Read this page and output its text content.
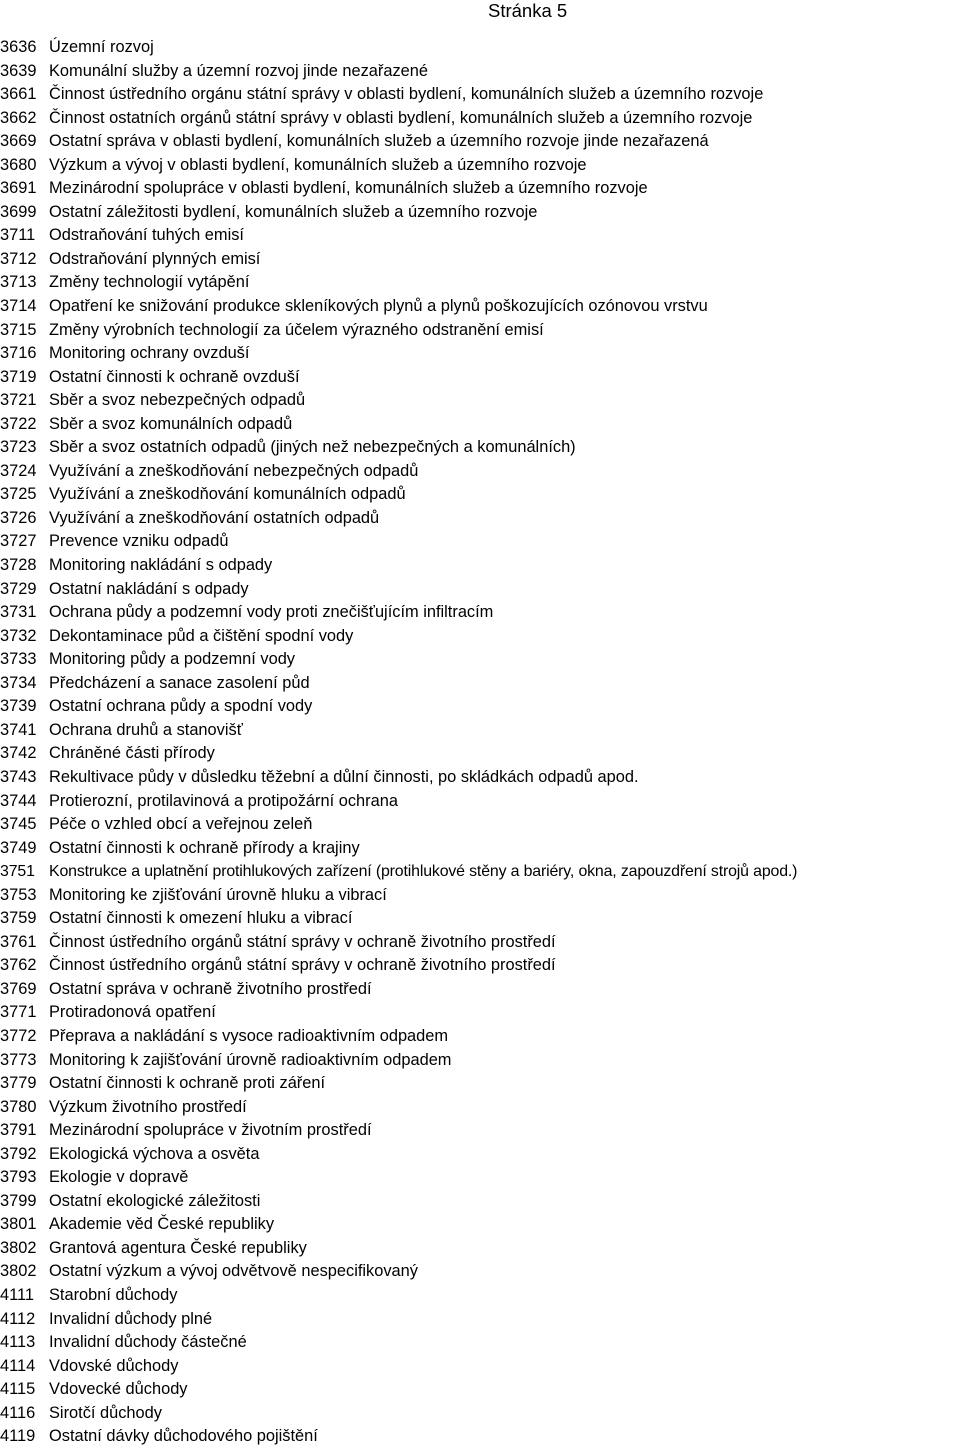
Stránka 5
3636 Územní rozvoj
3639 Komunální služby a územní rozvoj jinde nezařazené
3661 Činnost ústředního orgánu státní správy v oblasti bydlení, komunálních služeb a územního rozvoje
3662 Činnost ostatních orgánů státní správy v oblasti bydlení, komunálních služeb a územního rozvoje
3669 Ostatní správa v oblasti bydlení, komunálních služeb a územního rozvoje jinde nezařazená
3680 Výzkum a vývoj v oblasti bydlení, komunálních služeb a územního rozvoje
3691 Mezinárodní spolupráce v oblasti bydlení, komunálních služeb a územního rozvoje
3699 Ostatní záležitosti bydlení, komunálních služeb a územního rozvoje
3711 Odstraňování tuhých emisí
3712 Odstraňování plynných emisí
3713 Změny technologií vytápění
3714 Opatření ke snižování produkce skleníkových plynů a plynů poškozujících ozónovou vrstvu
3715 Změny výrobních technologií za účelem výrazného odstranění emisí
3716 Monitoring ochrany ovzduší
3719 Ostatní činnosti k ochraně ovzduší
3721 Sběr a svoz nebezpečných odpadů
3722 Sběr a svoz komunálních odpadů
3723 Sběr a svoz ostatních odpadů (jiných než nebezpečných a komunálních)
3724 Využívání a zneškodňování nebezpečných odpadů
3725 Využívání a zneškodňování komunálních odpadů
3726 Využívání a zneškodňování ostatních odpadů
3727 Prevence vzniku odpadů
3728 Monitoring nakládání s odpady
3729 Ostatní nakládání s odpady
3731 Ochrana půdy a podzemní vody proti znečišťujícím infiltracím
3732 Dekontaminace půd a čištění spodní vody
3733 Monitoring půdy a podzemní vody
3734 Předcházení a sanace zasolení půd
3739 Ostatní ochrana půdy a spodní vody
3741 Ochrana druhů a stanovišť
3742 Chráněné části přírody
3743 Rekultivace půdy v důsledku těžební a důlní činnosti, po skládkách odpadů apod.
3744 Protierozní, protilavinová a protipožární ochrana
3745 Péče o vzhled obcí a veřejnou zeleň
3749 Ostatní činnosti k ochraně přírody a krajiny
3751 Konstrukce a uplatnění protihlukových zařízení (protihlukové stěny a bariéry, okna, zapouzdření strojů apod.)
3753 Monitoring ke zjišťování úrovně hluku a vibrací
3759 Ostatní činnosti k omezení hluku a vibrací
3761 Činnost ústředního orgánů státní správy v ochraně životního prostředí
3762 Činnost ústředního orgánů státní správy v ochraně životního prostředí
3769 Ostatní správa v ochraně životního prostředí
3771 Protiradonová opatření
3772 Přeprava a nakládání s vysoce radioaktivním odpadem
3773 Monitoring k zajišťování úrovně radioaktivním odpadem
3779 Ostatní činnosti k ochraně proti záření
3780 Výzkum životního prostředí
3791 Mezinárodní spolupráce v životním prostředí
3792 Ekologická výchova a osvěta
3793 Ekologie v dopravě
3799 Ostatní ekologické záležitosti
3801 Akademie věd České republiky
3802 Grantová agentura České republiky
3802 Ostatní výzkum a vývoj odvětvově nespecifikovaný
4111 Starobní důchody
4112 Invalidní důchody plné
4113 Invalidní důchody částečné
4114 Vdovské důchody
4115 Vdovecké důchody
4116 Sirotčí důchody
4119 Ostatní dávky důchodového pojištění
